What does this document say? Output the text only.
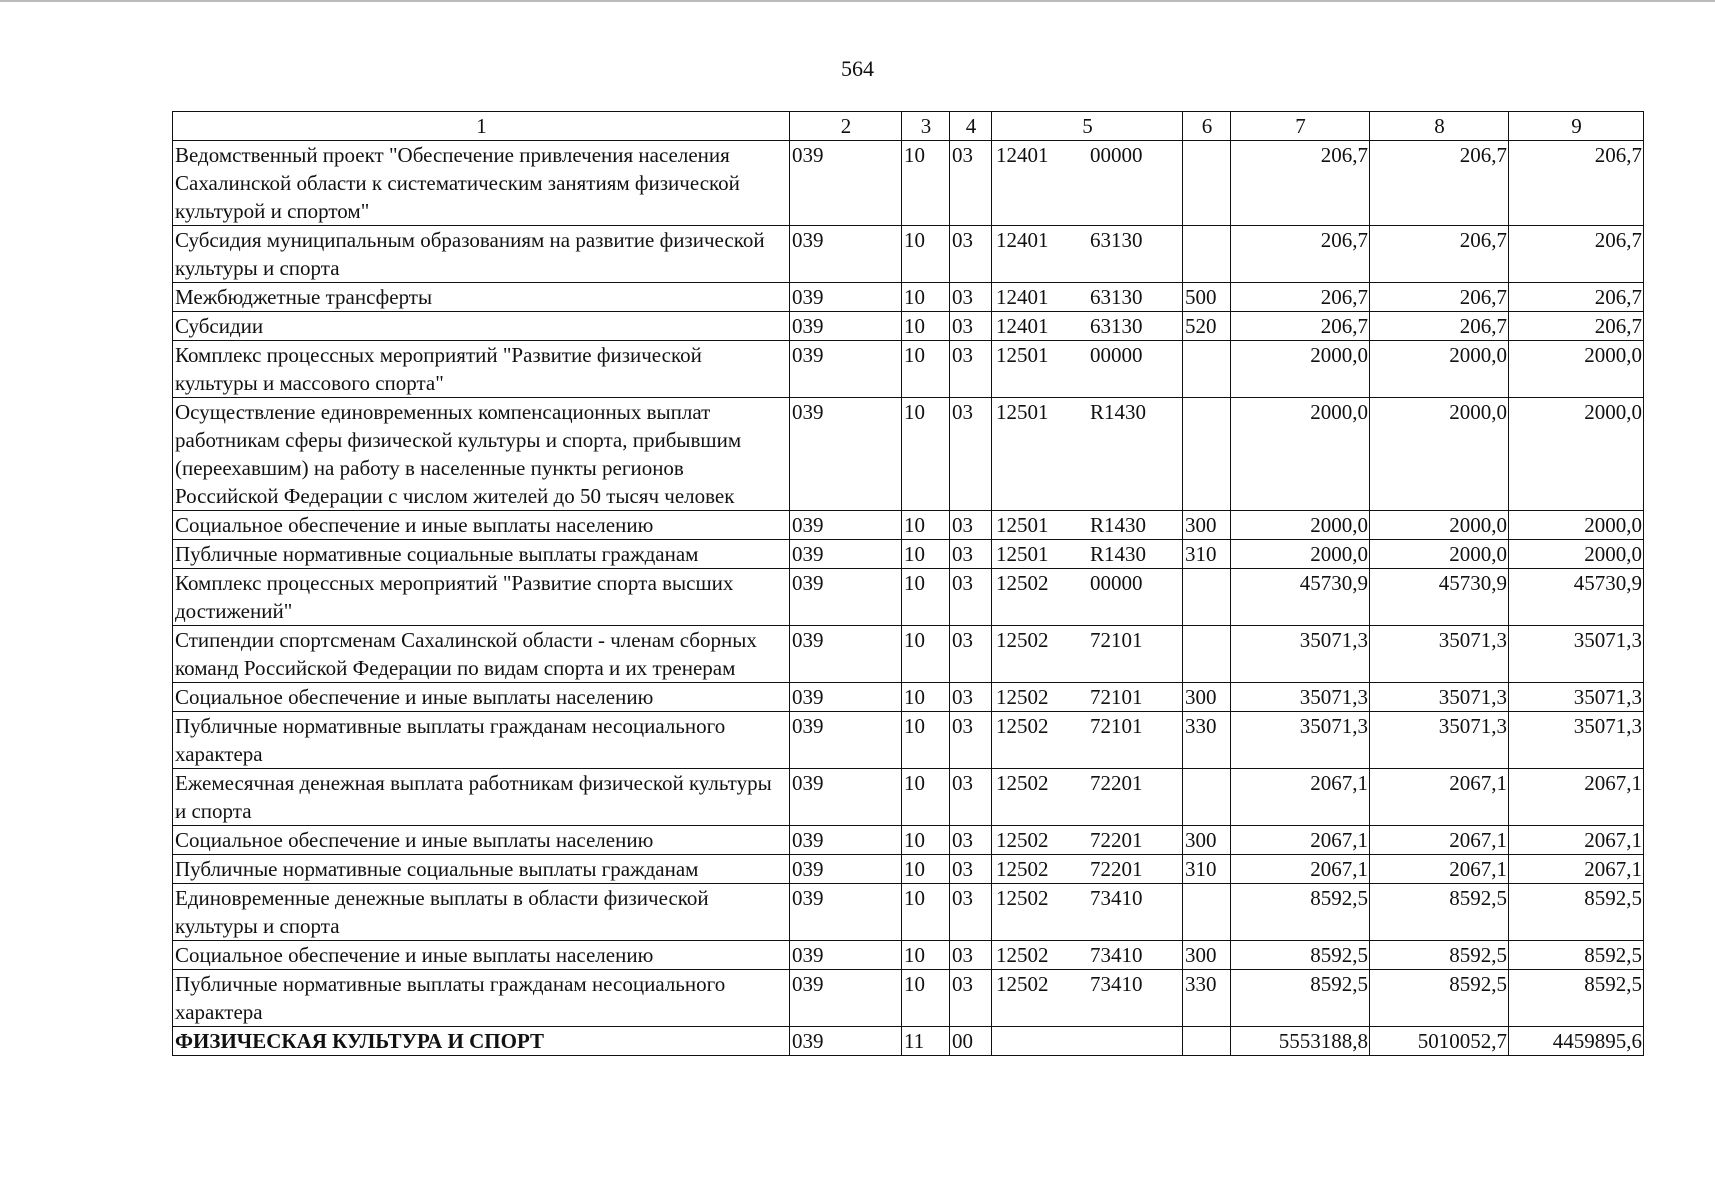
564
1	2	3	4	5	6	7	8	9
Ведомственный проект "Обеспечение привлечения населения Сахалинской области к систематическим занятиям физической культурой и спортом"	039	10	03	12401 00000		206,7	206,7	206,7
Субсидия муниципальным образованиям на развитие физической культуры и спорта	039	10	03	12401 63130		206,7	206,7	206,7
Межбюджетные трансферты	039	10	03	12401 63130	500	206,7	206,7	206,7
Субсидии	039	10	03	12401 63130	520	206,7	206,7	206,7
Комплекс процессных мероприятий "Развитие физической культуры и массового спорта"	039	10	03	12501 00000		2000,0	2000,0	2000,0
Осуществление единовременных компенсационных выплат работникам сферы физической культуры и спорта, прибывшим (переехавшим) на работу в населенные пункты регионов Российской Федерации с числом жителей до 50 тысяч человек	039	10	03	12501 R1430		2000,0	2000,0	2000,0
Социальное обеспечение и иные выплаты населению	039	10	03	12501 R1430	300	2000,0	2000,0	2000,0
Публичные нормативные социальные выплаты гражданам	039	10	03	12501 R1430	310	2000,0	2000,0	2000,0
Комплекс процессных мероприятий "Развитие спорта высших достижений"	039	10	03	12502 00000		45730,9	45730,9	45730,9
Стипендии спортсменам Сахалинской области - членам сборных команд Российской Федерации по видам спорта и их тренерам	039	10	03	12502 72101		35071,3	35071,3	35071,3
Социальное обеспечение и иные выплаты населению	039	10	03	12502 72101	300	35071,3	35071,3	35071,3
Публичные нормативные выплаты гражданам несоциального характера	039	10	03	12502 72101	330	35071,3	35071,3	35071,3
Ежемесячная денежная выплата работникам физической культуры и спорта	039	10	03	12502 72201		2067,1	2067,1	2067,1
Социальное обеспечение и иные выплаты населению	039	10	03	12502 72201	300	2067,1	2067,1	2067,1
Публичные нормативные социальные выплаты гражданам	039	10	03	12502 72201	310	2067,1	2067,1	2067,1
Единовременные денежные выплаты в области физической культуры и спорта	039	10	03	12502 73410		8592,5	8592,5	8592,5
Социальное обеспечение и иные выплаты населению	039	10	03	12502 73410	300	8592,5	8592,5	8592,5
Публичные нормативные выплаты гражданам несоциального характера	039	10	03	12502 73410	330	8592,5	8592,5	8592,5
ФИЗИЧЕСКАЯ КУЛЬТУРА И СПОРТ	039	11	00			5553188,8	5010052,7	4459895,6
